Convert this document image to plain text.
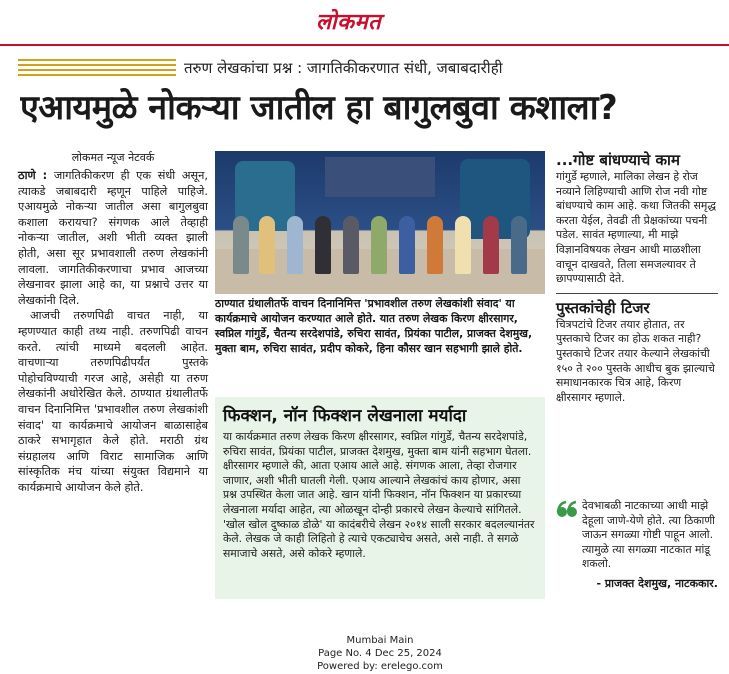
लोकमत
तरुण लेखकांचा प्रश्न : जागतिकीकरणात संधी, जबाबदारीही
एआयमुळे नोकऱ्या जातील हा बागुलबुवा कशाला?
लोकमत न्यूज नेटवर्क

ठाणे : जागतिकीकरण ही एक संधी असून, त्याकडे जबाबदारी म्हणून पाहिले पाहिजे. एआयमुळे नोकऱ्या जातील असा बागुलबुवा कशाला करायचा? संगणक आले तेव्हाही नोकऱ्या जातील, अशी भीती व्यक्त झाली होती, असा सूर प्रभावशाली तरुण लेखकांनी लावला. जागतिकीकरणाचा प्रभाव आजच्या लेखनावर झाला आहे का, या प्रश्नाचे उत्तर या लेखकांनी दिले.

आजची तरुणपिढी वाचत नाही, या म्हणण्यात काही तथ्य नाही. तरुणपिढी वाचन करते. त्यांची माध्यमे बदलली आहेत. वाचणाऱ्या तरुणपिढीपर्यंत पुस्तके पोहोचविण्याची गरज आहे, असेही या तरुण लेखकांनी अधोरेखित केले. ठाण्यात ग्रंथालीतर्फे वाचन दिनानिमित्त 'प्रभावशील तरुण लेखकांशी संवाद' या कार्यक्रमाचे आयोजन बाळासाहेब ठाकरे सभागृहात केले होते. मराठी ग्रंथ संग्रहालय आणि विराट सामाजिक आणि सांस्कृतिक मंच यांच्या संयुक्त विद्यमाने या कार्यक्रमाचे आयोजन केले होते.

ठाण्यात ग्रंथालीतर्फे वाचन दिनानिमित्त 'प्रभावशील तरुण लेखकांशी संवाद' या कार्यक्रमाचे आयोजन करण्यात आले होते. यात तरुण लेखक किरण क्षीरसागर, स्वप्निल गांगुर्डे, चैतन्य सरदेशपांडे, रुचिरा सावंत, प्रियंका पाटील, प्राजक्त देशमुख, मुक्ता बाम, रुचिरा सावंत, प्रदीप कोकरे, हिना कौसर खान सहभागी झाले होते.
फिक्शन, नॉन फिक्शन लेखनाला मर्यादा
या कार्यक्रमात तरुण लेखक किरण क्षीरसागर, स्वप्निल गांगुर्डे, चैतन्य सरदेशपांडे, रुचिरा सावंत, प्रियंका पाटील, प्राजक्त देशमुख, मुक्ता बाम यांनी सहभाग घेतला. क्षीरसागर म्हणाले की, आता एआय आले आहे. संगणक आला, तेव्हा रोजगार जाणार, अशी भीती घातली गेली. एआय आल्याने लेखकांचं काय होणार, असा प्रश्न उपस्थित केला जात आहे. खान यांनी फिक्शन, नॉन फिक्शन या प्रकारच्या लेखनाला मर्यादा आहेत, त्या ओळखून दोन्ही प्रकारचे लेखन केल्याचे सांगितले. 'खोल खोल दुष्काळ डोळे' या कादंबरीचे लेखन २०१४ साली सरकार बदलल्यानंतर केले. लेखक जे काही लिहितो हे त्याचे एकट्याचेच असते, असे नाही. ते सगळे समाजाचे असते, असे कोकरे म्हणाले.
...गोष्ट बांधण्याचे काम
गांगुर्डे म्हणाले, मालिका लेखन हे रोज नव्याने लिहिण्याची आणि रोज नवी गोष्ट बांधण्याचे काम आहे. कथा जितकी समृद्ध करता येईल, तेवढी ती प्रेक्षकांच्या पचनी पडेल. सावंत म्हणाल्या, मी माझे विज्ञानविषयक लेखन आधी माळशीला वाचून दाखवते, तिला समजल्यावर ते छापण्यासाठी देते.
पुस्तकांचेही टिजर
चित्रपटांचे टिजर तयार होतात, तर पुस्तकाचे टिजर का होऊ शकत नाही? पुस्तकाचे टिजर तयार केल्याने लेखकांची १५० ते २०० पुस्तके आधीच बुक झाल्याचे समाधानकारक चित्र आहे, किरण क्षीरसागर म्हणाले.
देवभाबळी नाटकाच्या आधी माझे देहूला जाणे-येणे होते. त्या ठिकाणी जाऊन सगळ्या गोष्टी पाहून आलो. त्यामुळे त्या सगळ्या नाटकात मांडू शकलो.
- प्राजक्त देशमुख, नाटककार.
Mumbai Main
Page No. 4 Dec 25, 2024
Powered by: erelego.com
